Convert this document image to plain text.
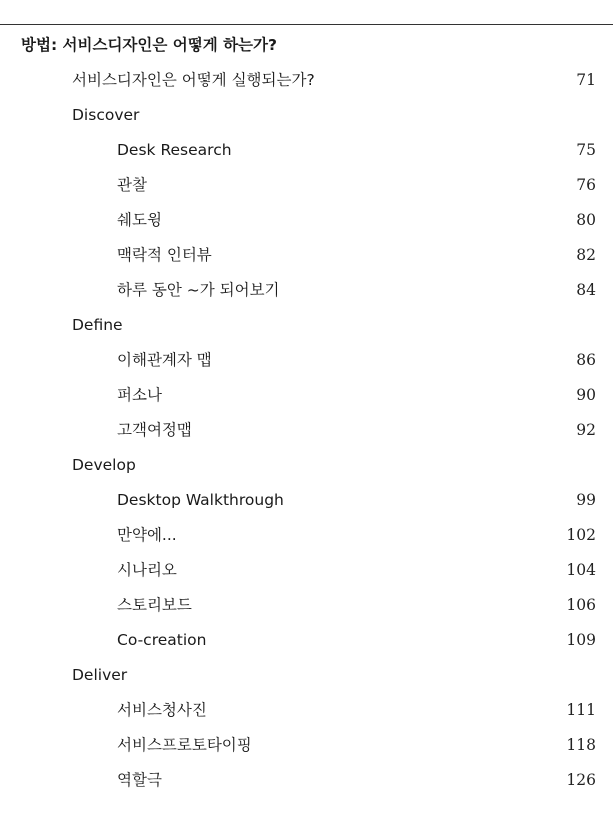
방법: 서비스디자인은 어떻게 하는가?
서비스디자인은 어떻게 실행되는가?	71
Discover
Desk Research	75
관찰	76
쉐도윙	80
맥락적 인터뷰	82
하루 동안 ~가 되어보기	84
Define
이해관계자 맵	86
퍼소나	90
고객여정맵	92
Develop
Desktop Walkthrough	99
만약에...	102
시나리오	104
스토리보드	106
Co-creation	109
Deliver
서비스청사진	111
서비스프로토타이핑	118
역할극	126
